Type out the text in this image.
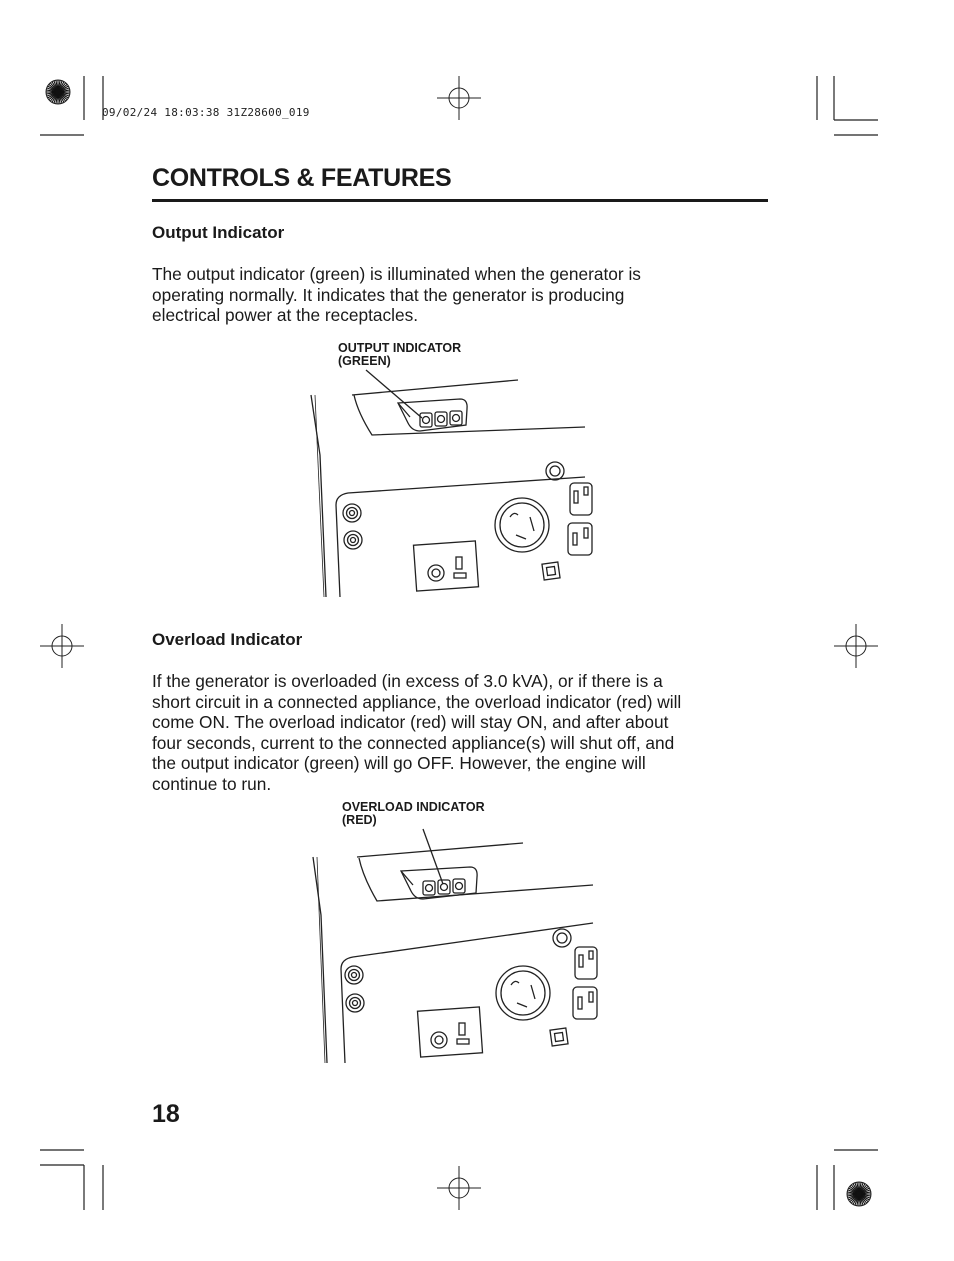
09/02/24 18:03:38 31Z28600_019
CONTROLS & FEATURES
Output Indicator
The output indicator (green) is illuminated when the generator is
operating normally. It indicates that the generator is producing
electrical power at the receptacles.
OUTPUT INDICATOR
(GREEN)
Overload Indicator
If the generator is overloaded (in excess of 3.0 kVA), or if there is a
short circuit in a connected appliance, the overload indicator (red) will
come ON. The overload indicator (red) will stay ON, and after about
four seconds, current to the connected appliance(s) will shut off, and
the output indicator (green) will go OFF. However, the engine will
continue to run.
OVERLOAD INDICATOR
(RED)
18
